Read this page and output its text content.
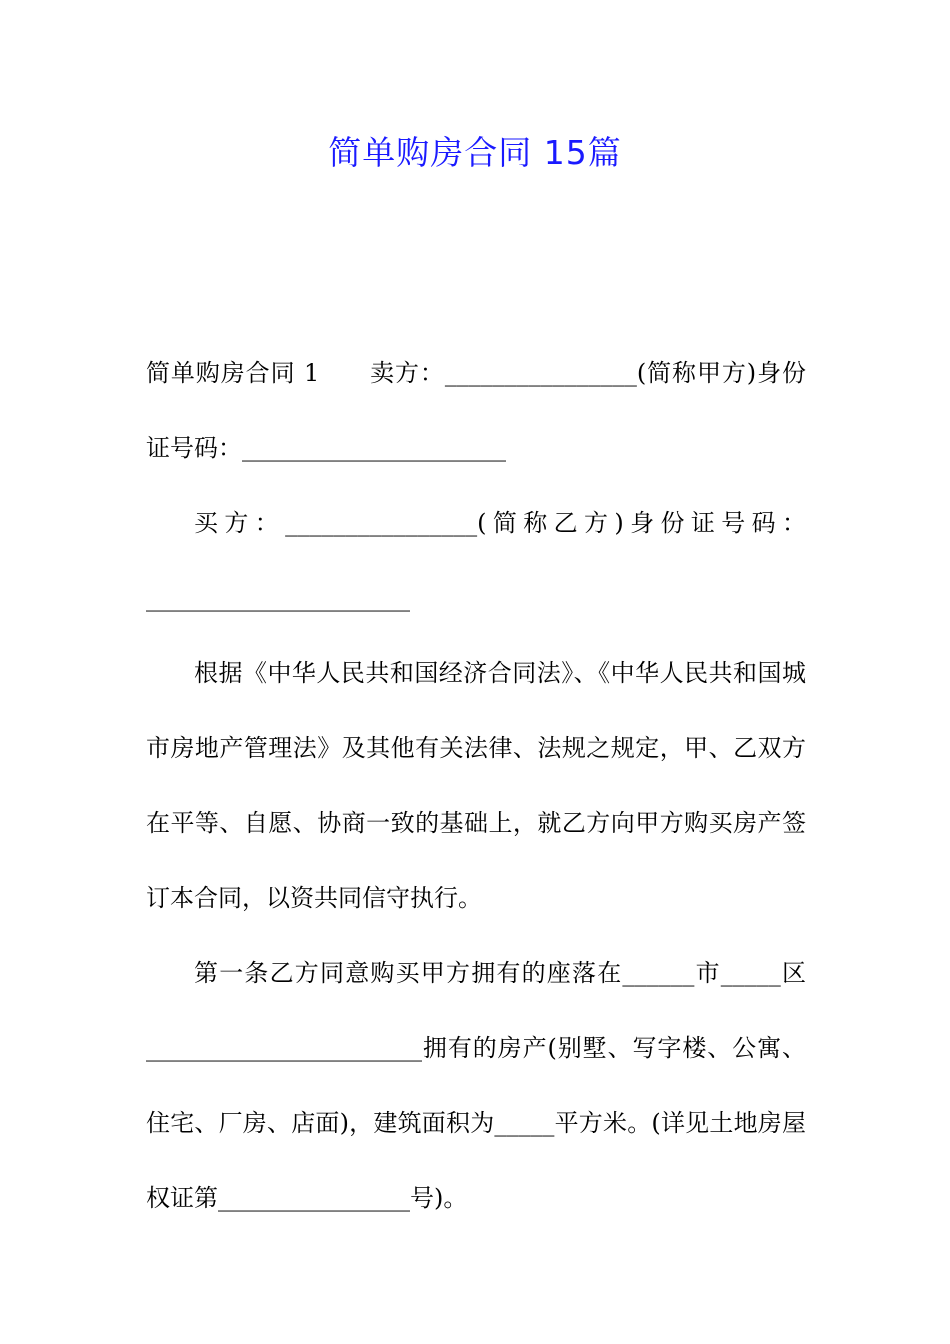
简单购房合同 15篇

简单购房合同 1　　卖方：________________(简称甲方)身份证号码：______________________

买方：________________(简称乙方)身份证号码：______________________

根据《中华人民共和国经济合同法》、《中华人民共和国城市房地产管理法》及其他有关法律、法规之规定，甲、乙双方在平等、自愿、协商一致的基础上，就乙方向甲方购买房产签订本合同，以资共同信守执行。

第一条乙方同意购买甲方拥有的座落在______市_____区_______________________拥有的房产(别墅、写字楼、公寓、住宅、厂房、店面)，建筑面积为_____平方米。(详见土地房屋权证第________________号)。
